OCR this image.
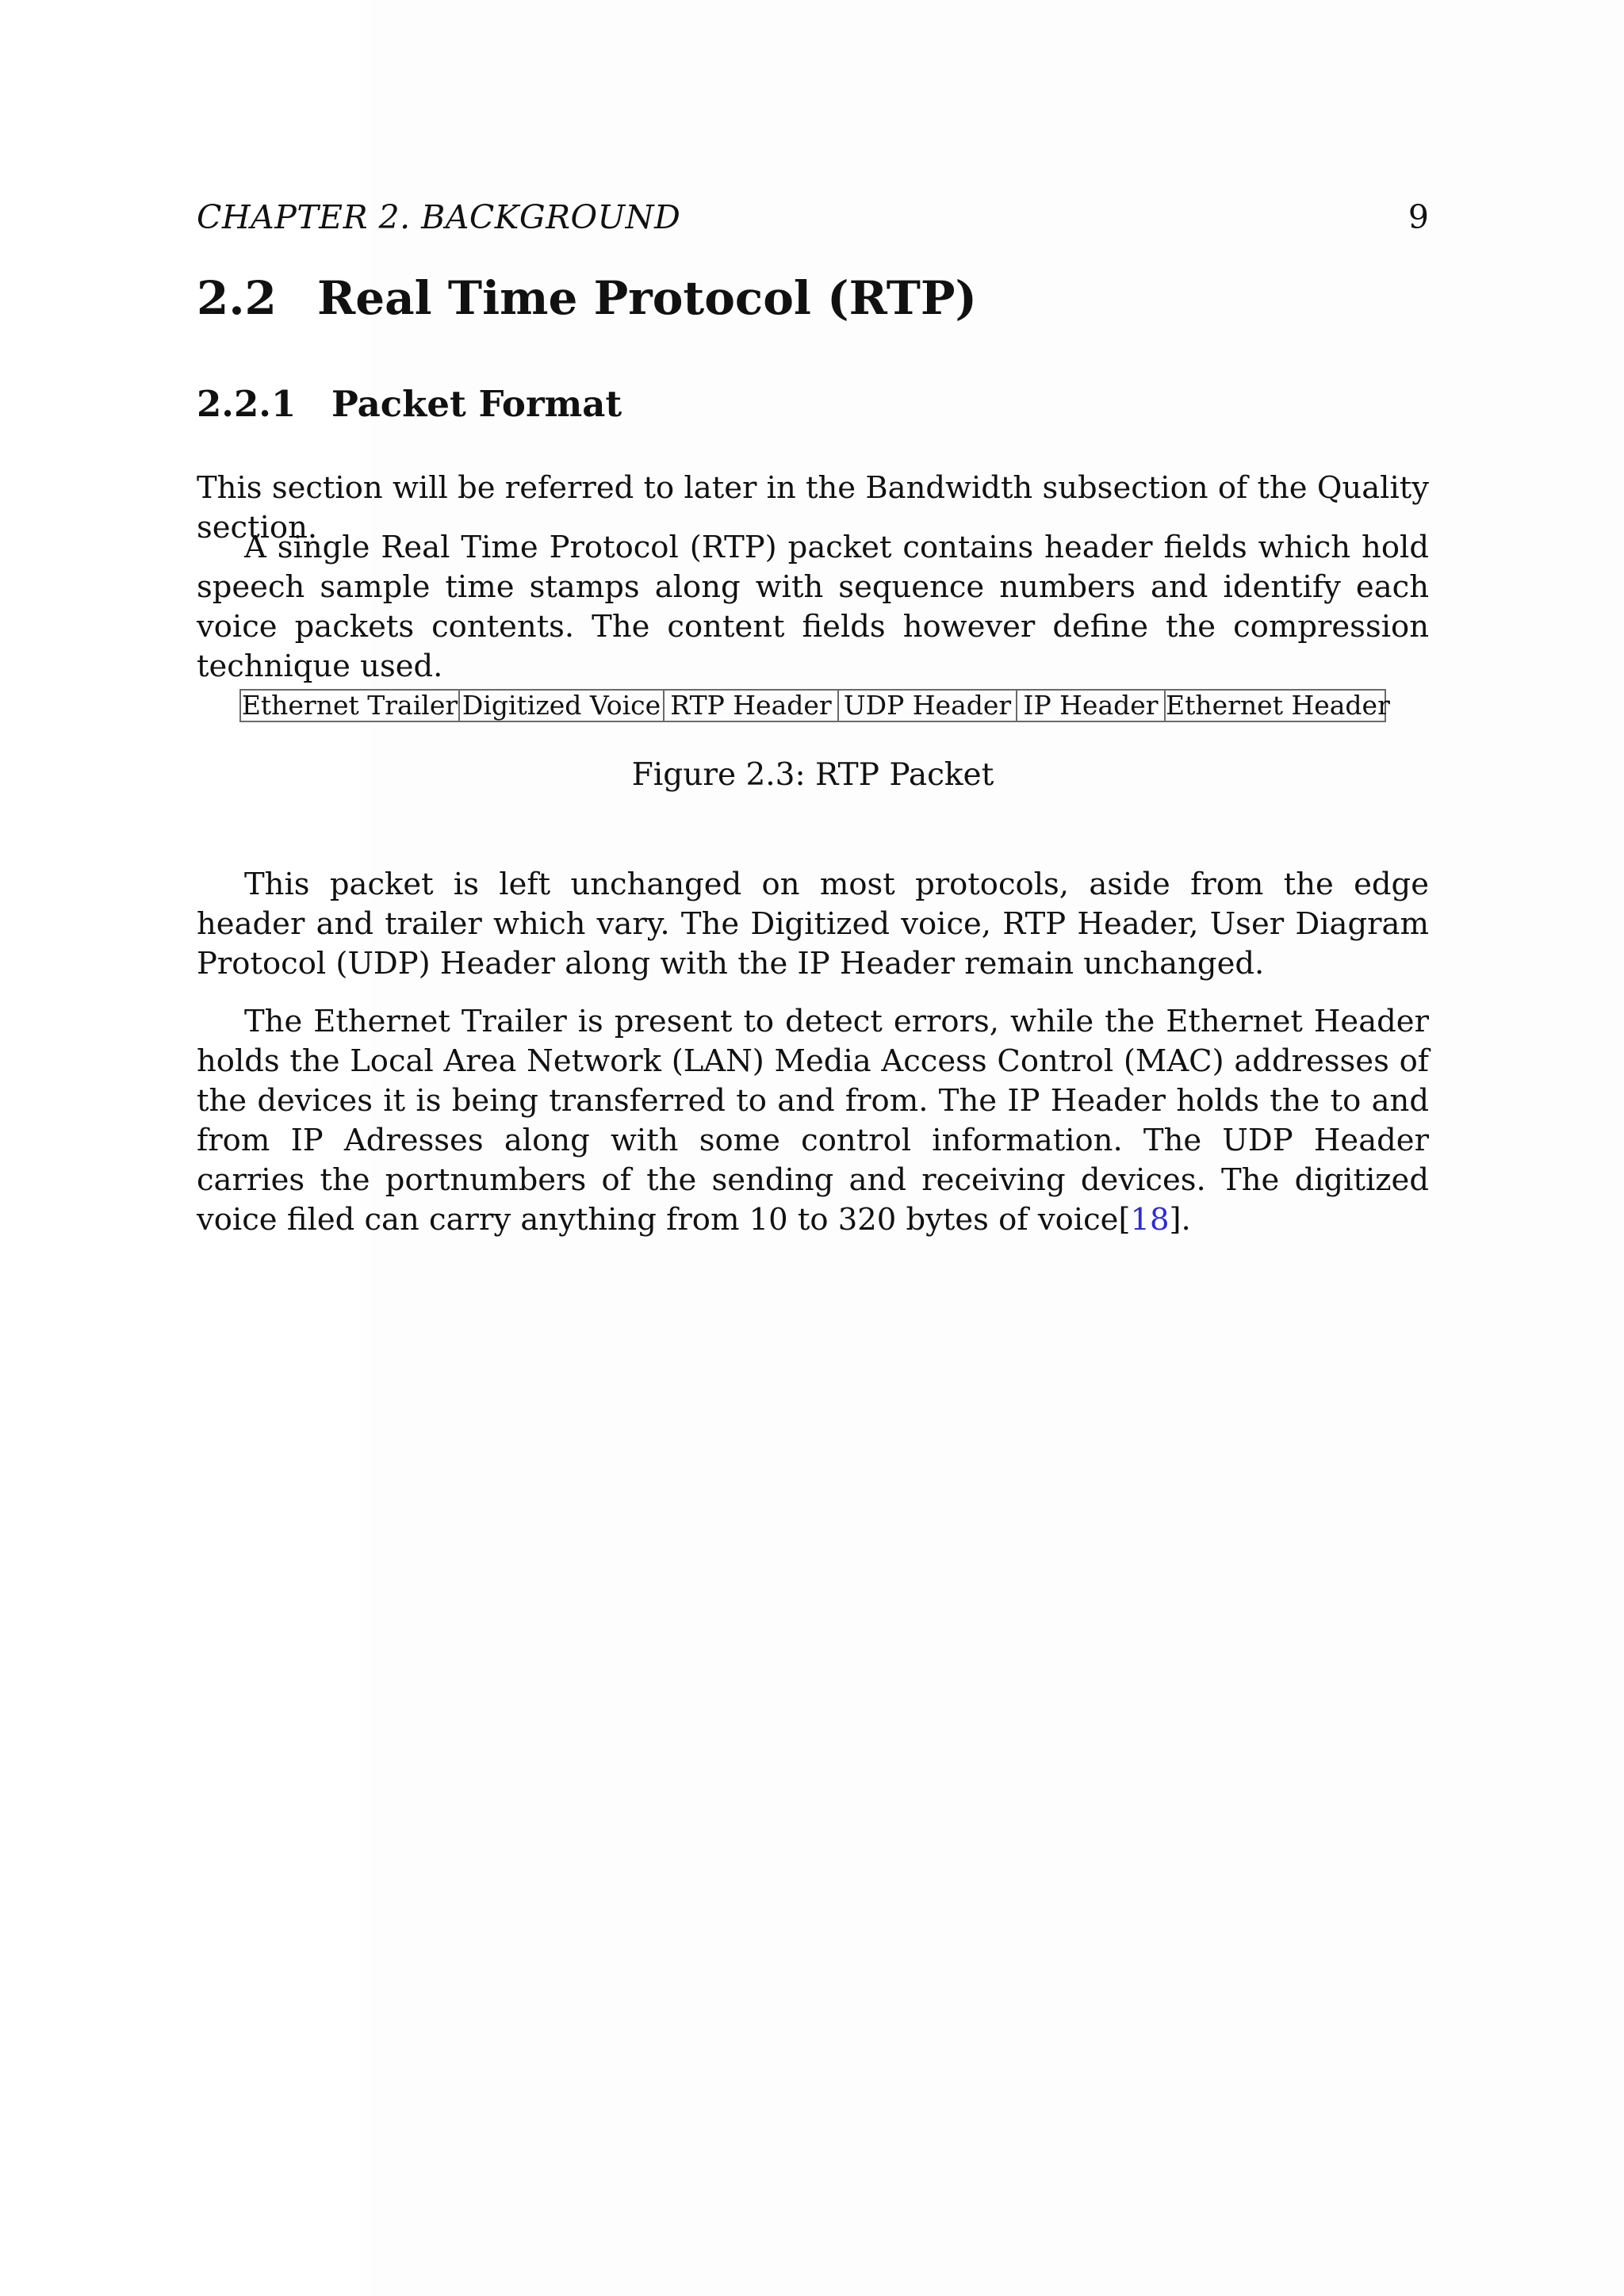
CHAPTER 2. BACKGROUND	9
2.2 Real Time Protocol (RTP)
2.2.1 Packet Format

This section will be referred to later in the Bandwidth subsection of the Quality section.

A single Real Time Protocol (RTP) packet contains header fields which hold speech sample time stamps along with sequence numbers and identify each voice packets contents. The content fields however define the compression technique used.

Ethernet Trailer Digitized Voice RTP Header UDP Header IP Header Ethernet Header
Figure 2.3: RTP Packet

This packet is left unchanged on most protocols, aside from the edge header and trailer which vary. The Digitized voice, RTP Header, User Diagram Protocol (UDP) Header along with the IP Header remain unchanged.

The Ethernet Trailer is present to detect errors, while the Ethernet Header holds the Local Area Network (LAN) Media Access Control (MAC) addresses of the devices it is being transferred to and from. The IP Header holds the to and from IP Adresses along with some control information. The UDP Header carries the portnumbers of the sending and receiving devices. The digitized voice filed can carry anything from 10 to 320 bytes of voice[18].
